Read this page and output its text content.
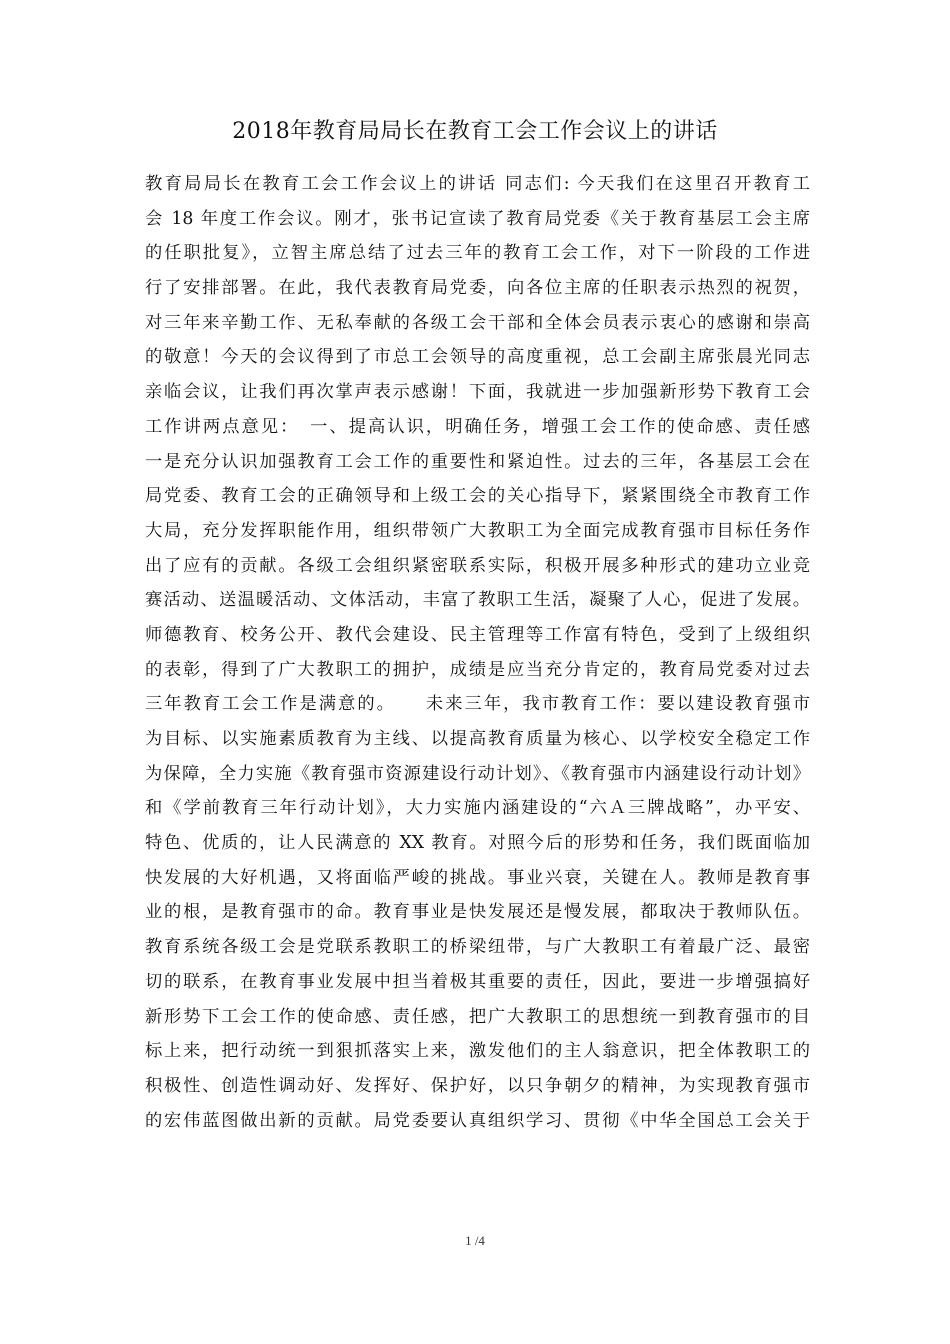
2018年教育局局长在教育工会工作会议上的讲话
教育局局长在教育工会工作会议上的讲话 同志们: 今天我们在这里召开教育工
会 18 年度工作会议。刚才，张书记宣读了教育局党委《关于教育基层工会主席
的任职批复》，立智主席总结了过去三年的教育工会工作，对下一阶段的工作进
行了安排部署。在此，我代表教育局党委，向各位主席的任职表示热烈的祝贺，
对三年来辛勤工作、无私奉献的各级工会干部和全体会员表示衷心的感谢和崇高
的敬意！今天的会议得到了市总工会领导的高度重视，总工会副主席张晨光同志
亲临会议，让我们再次掌声表示感谢！下面，我就进一步加强新形势下教育工会
工作讲两点意见：　一、提高认识，明确任务，增强工会工作的使命感、责任感
一是充分认识加强教育工会工作的重要性和紧迫性。过去的三年，各基层工会在
局党委、教育工会的正确领导和上级工会的关心指导下，紧紧围绕全市教育工作
大局，充分发挥职能作用，组织带领广大教职工为全面完成教育强市目标任务作
出了应有的贡献。各级工会组织紧密联系实际，积极开展多种形式的建功立业竞
赛活动、送温暖活动、文体活动，丰富了教职工生活，凝聚了人心，促进了发展。
师德教育、校务公开、教代会建设、民主管理等工作富有特色，受到了上级组织
的表彰，得到了广大教职工的拥护，成绩是应当充分肯定的，教育局党委对过去
三年教育工会工作是满意的。　　未来三年，我市教育工作：要以建设教育强市
为目标、以实施素质教育为主线、以提高教育质量为核心、以学校安全稳定工作
为保障，全力实施《教育强市资源建设行动计划》、《教育强市内涵建设行动计划》
和《学前教育三年行动计划》，大力实施内涵建设的“六Ａ三牌战略”，办平安、
特色、优质的，让人民满意的 XX 教育。对照今后的形势和任务，我们既面临加
快发展的大好机遇，又将面临严峻的挑战。事业兴衰，关键在人。教师是教育事
业的根，是教育强市的命。教育事业是快发展还是慢发展，都取决于教师队伍。
教育系统各级工会是党联系教职工的桥梁纽带，与广大教职工有着最广泛、最密
切的联系，在教育事业发展中担当着极其重要的责任，因此，要进一步增强搞好
新形势下工会工作的使命感、责任感，把广大教职工的思想统一到教育强市的目
标上来，把行动统一到狠抓落实上来，激发他们的主人翁意识，把全体教职工的
积极性、创造性调动好、发挥好、保护好，以只争朝夕的精神，为实现教育强市
的宏伟蓝图做出新的贡献。局党委要认真组织学习、贯彻《中华全国总工会关于
1 /4
